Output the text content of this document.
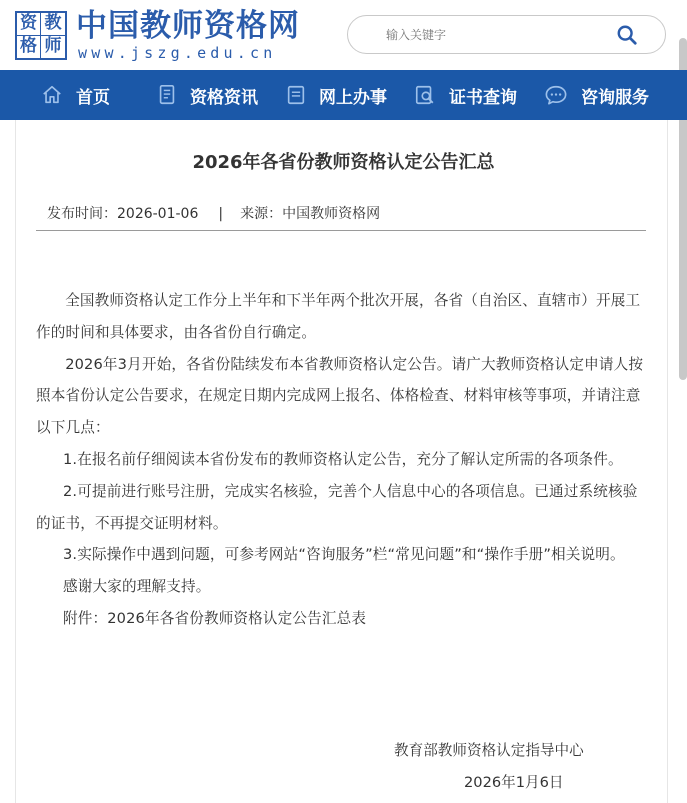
资 教
格 师
中国教师资格网
www.jszg.edu.cn
输入关键字
首页	资格资讯	网上办事	证书查询	咨询服务
2026年各省份教师资格认定公告汇总
发布时间：2026-01-06 | 来源：中国教师资格网

全国教师资格认定工作分上半年和下半年两个批次开展，各省（自治区、直辖市）开展工作的时间和具体要求，由各省份自行确定。

2026年3月开始，各省份陆续发布本省教师资格认定公告。请广大教师资格认定申请人按照本省份认定公告要求，在规定日期内完成网上报名、体格检查、材料审核等事项，并请注意以下几点：

1.在报名前仔细阅读本省份发布的教师资格认定公告，充分了解认定所需的各项条件。

2.可提前进行账号注册，完成实名核验，完善个人信息中心的各项信息。已通过系统核验的证书，不再提交证明材料。

3.实际操作中遇到问题，可参考网站“咨询服务”栏“常见问题”和“操作手册”相关说明。

感谢大家的理解支持。

附件：2026年各省份教师资格认定公告汇总表

教育部教师资格认定指导中心
2026年1月6日
